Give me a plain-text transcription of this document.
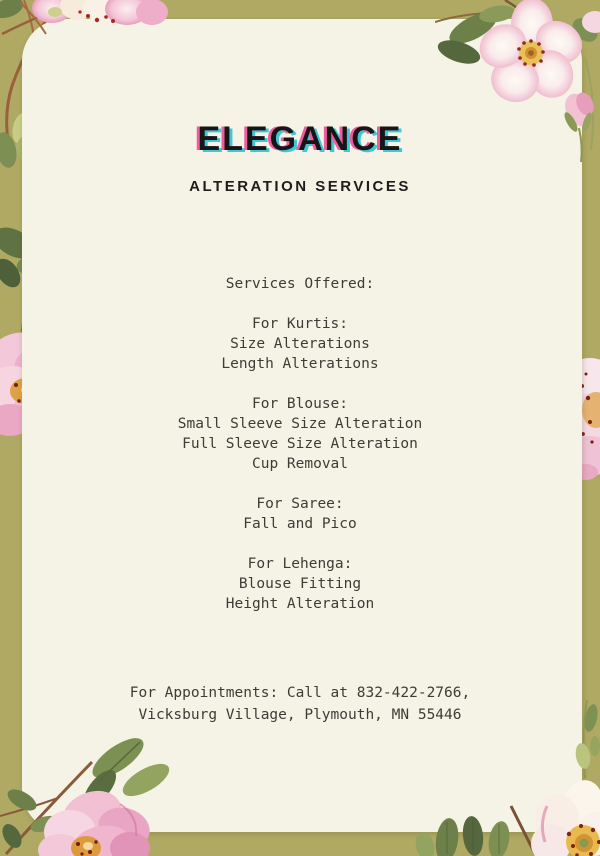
ELEGANCE
ALTERATION SERVICES
Services Offered:
For Kurtis:
Size Alterations
Length Alterations
For Blouse:
Small Sleeve Size Alteration
Full Sleeve Size Alteration
Cup Removal
For Saree:
Fall and Pico
For Lehenga:
Blouse Fitting
Height Alteration
For Appointments: Call at 832-422-2766,
Vicksburg Village, Plymouth, MN 55446
